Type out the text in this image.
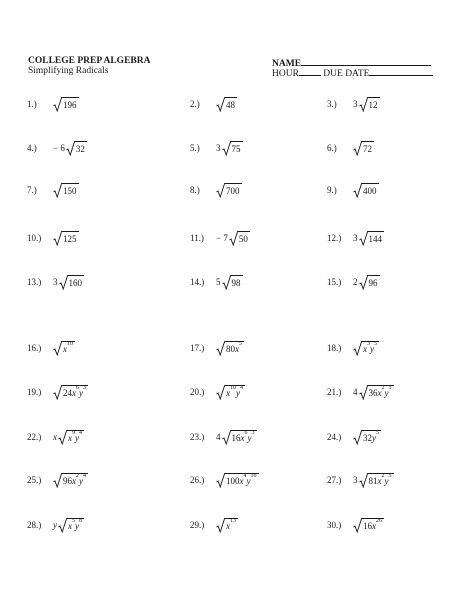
COLLEGE PREP ALGEBRA
Simplifying Radicals
NAME
HOUR	DUE DATE
1.)	196	2.)	48	3.)	3 12
4.)	− 6 32	5.)	3 75	6.)	72
7.)	150	8.)	700	9.)	400
10.)	125	11.)	− 7 50	12.)	3 144
13.)	3 160	14.)	5 98	15.)	2 96
16.)	x 10	17.)	80 x 5	18.)	x 3 y 5
19.)	24 x 6 y 3	20.)	x 10 y 4	21.)	4 36 x 2 y 3
22.)	x x 9 y 4	23.)	4 16 x 6 y 3	24.)	32 y 5
25.)	96 x 2 y 4	26.)	100 x 4 y 16	27.)	3 81 x 2 y 5
28.)	y x 5 y 8	29.)	x 13	30.)	16 x 26
